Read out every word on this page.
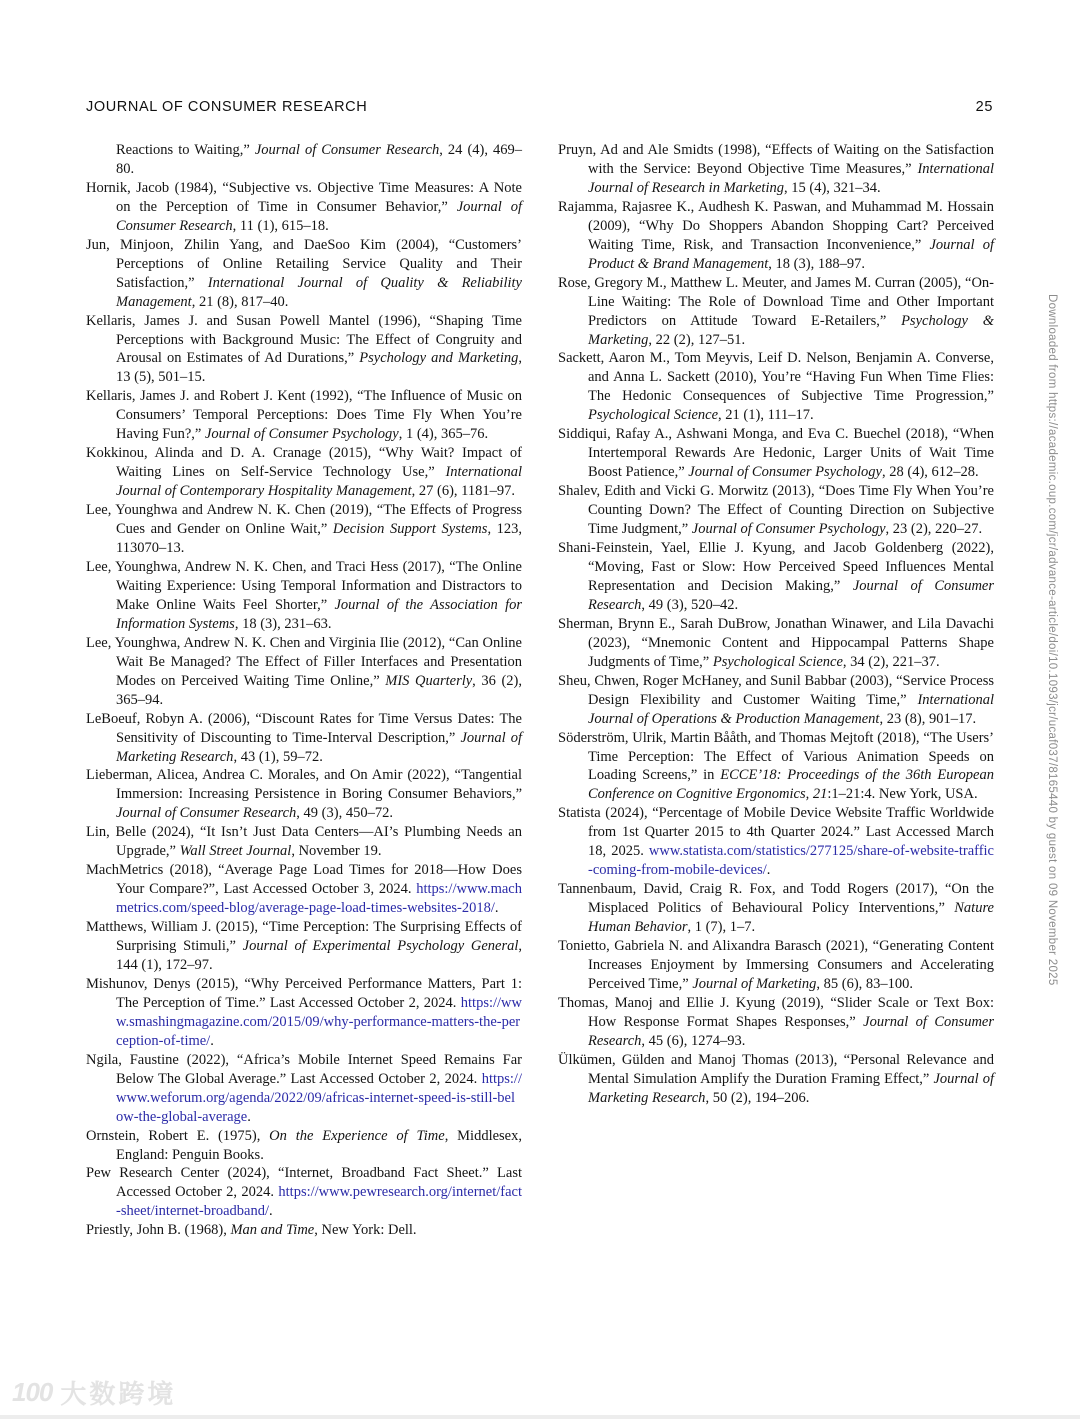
JOURNAL OF CONSUMER RESEARCH	25

Reactions to Waiting,” Journal of Consumer Research, 24 (4), 469–80.

Hornik, Jacob (1984), “Subjective vs. Objective Time Measures: A Note on the Perception of Time in Consumer Behavior,” Journal of Consumer Research, 11 (1), 615–18.

Jun, Minjoon, Zhilin Yang, and DaeSoo Kim (2004), “Customers’ Perceptions of Online Retailing Service Quality and Their Satisfaction,” International Journal of Quality & Reliability Management, 21 (8), 817–40.

Kellaris, James J. and Susan Powell Mantel (1996), “Shaping Time Perceptions with Background Music: The Effect of Congruity and Arousal on Estimates of Ad Durations,” Psychology and Marketing, 13 (5), 501–15.

Kellaris, James J. and Robert J. Kent (1992), “The Influence of Music on Consumers’ Temporal Perceptions: Does Time Fly When You’re Having Fun?,” Journal of Consumer Psychology, 1 (4), 365–76.

Kokkinou, Alinda and D. A. Cranage (2015), “Why Wait? Impact of Waiting Lines on Self-Service Technology Use,” International Journal of Contemporary Hospitality Management, 27 (6), 1181–97.

Lee, Younghwa and Andrew N. K. Chen (2019), “The Effects of Progress Cues and Gender on Online Wait,” Decision Support Systems, 123, 113070–13.

Lee, Younghwa, Andrew N. K. Chen, and Traci Hess (2017), “The Online Waiting Experience: Using Temporal Information and Distractors to Make Online Waits Feel Shorter,” Journal of the Association for Information Systems, 18 (3), 231–63.

Lee, Younghwa, Andrew N. K. Chen and Virginia Ilie (2012), “Can Online Wait Be Managed? The Effect of Filler Interfaces and Presentation Modes on Perceived Waiting Time Online,” MIS Quarterly, 36 (2), 365–94.

LeBoeuf, Robyn A. (2006), “Discount Rates for Time Versus Dates: The Sensitivity of Discounting to Time-Interval Description,” Journal of Marketing Research, 43 (1), 59–72.

Lieberman, Alicea, Andrea C. Morales, and On Amir (2022), “Tangential Immersion: Increasing Persistence in Boring Consumer Behaviors,” Journal of Consumer Research, 49 (3), 450–72.

Lin, Belle (2024), “It Isn’t Just Data Centers—AI’s Plumbing Needs an Upgrade,” Wall Street Journal, November 19.

MachMetrics (2018), “Average Page Load Times for 2018—How Does Your Compare?”, Last Accessed October 3, 2024. https://www.machmetrics.com/speed-blog/average-page-load-times-websites-2018/.

Matthews, William J. (2015), “Time Perception: The Surprising Effects of Surprising Stimuli,” Journal of Experimental Psychology General, 144 (1), 172–97.

Mishunov, Denys (2015), “Why Perceived Performance Matters, Part 1: The Perception of Time.” Last Accessed October 2, 2024. https://www.smashingmagazine.com/2015/09/why-performance-matters-the-perception-of-time/.

Ngila, Faustine (2022), “Africa’s Mobile Internet Speed Remains Far Below The Global Average.” Last Accessed October 2, 2024. https://www.weforum.org/agenda/2022/09/africas-internet-speed-is-still-below-the-global-average.

Ornstein, Robert E. (1975), On the Experience of Time, Middlesex, England: Penguin Books.

Pew Research Center (2024), “Internet, Broadband Fact Sheet.” Last Accessed October 2, 2024. https://www.pewresearch.org/internet/fact-sheet/internet-broadband/.

Priestly, John B. (1968), Man and Time, New York: Dell.

Pruyn, Ad and Ale Smidts (1998), “Effects of Waiting on the Satisfaction with the Service: Beyond Objective Time Measures,” International Journal of Research in Marketing, 15 (4), 321–34.

Rajamma, Rajasree K., Audhesh K. Paswan, and Muhammad M. Hossain (2009), “Why Do Shoppers Abandon Shopping Cart? Perceived Waiting Time, Risk, and Transaction Inconvenience,” Journal of Product & Brand Management, 18 (3), 188–97.

Rose, Gregory M., Matthew L. Meuter, and James M. Curran (2005), “On-Line Waiting: The Role of Download Time and Other Important Predictors on Attitude Toward E-Retailers,” Psychology & Marketing, 22 (2), 127–51.

Sackett, Aaron M., Tom Meyvis, Leif D. Nelson, Benjamin A. Converse, and Anna L. Sackett (2010), You’re “Having Fun When Time Flies: The Hedonic Consequences of Subjective Time Progression,” Psychological Science, 21 (1), 111–17.

Siddiqui, Rafay A., Ashwani Monga, and Eva C. Buechel (2018), “When Intertemporal Rewards Are Hedonic, Larger Units of Wait Time Boost Patience,” Journal of Consumer Psychology, 28 (4), 612–28.

Shalev, Edith and Vicki G. Morwitz (2013), “Does Time Fly When You’re Counting Down? The Effect of Counting Direction on Subjective Time Judgment,” Journal of Consumer Psychology, 23 (2), 220–27.

Shani-Feinstein, Yael, Ellie J. Kyung, and Jacob Goldenberg (2022), “Moving, Fast or Slow: How Perceived Speed Influences Mental Representation and Decision Making,” Journal of Consumer Research, 49 (3), 520–42.

Sherman, Brynn E., Sarah DuBrow, Jonathan Winawer, and Lila Davachi (2023), “Mnemonic Content and Hippocampal Patterns Shape Judgments of Time,” Psychological Science, 34 (2), 221–37.

Sheu, Chwen, Roger McHaney, and Sunil Babbar (2003), “Service Process Design Flexibility and Customer Waiting Time,” International Journal of Operations & Production Management, 23 (8), 901–17.

Söderström, Ulrik, Martin Bååth, and Thomas Mejtoft (2018), “The Users’ Time Perception: The Effect of Various Animation Speeds on Loading Screens,” in ECCE’18: Proceedings of the 36th European Conference on Cognitive Ergonomics, 21:1–21:4. New York, USA.

Statista (2024), “Percentage of Mobile Device Website Traffic Worldwide from 1st Quarter 2015 to 4th Quarter 2024.” Last Accessed March 18, 2025. www.statista.com/statistics/277125/share-of-website-traffic-coming-from-mobile-devices/.

Tannenbaum, David, Craig R. Fox, and Todd Rogers (2017), “On the Misplaced Politics of Behavioural Policy Interventions,” Nature Human Behavior, 1 (7), 1–7.

Tonietto, Gabriela N. and Alixandra Barasch (2021), “Generating Content Increases Enjoyment by Immersing Consumers and Accelerating Perceived Time,” Journal of Marketing, 85 (6), 83–100.

Thomas, Manoj and Ellie J. Kyung (2019), “Slider Scale or Text Box: How Response Format Shapes Responses,” Journal of Consumer Research, 45 (6), 1274–93.

Ülkümen, Gülden and Manoj Thomas (2013), “Personal Relevance and Mental Simulation Amplify the Duration Framing Effect,” Journal of Marketing Research, 50 (2), 194–206.

Downloaded from https://academic.oup.com/jcr/advance-article/doi/10.1093/jcr/ucaf037/8165440 by guest on 09 November 2025
100 大数跨境
